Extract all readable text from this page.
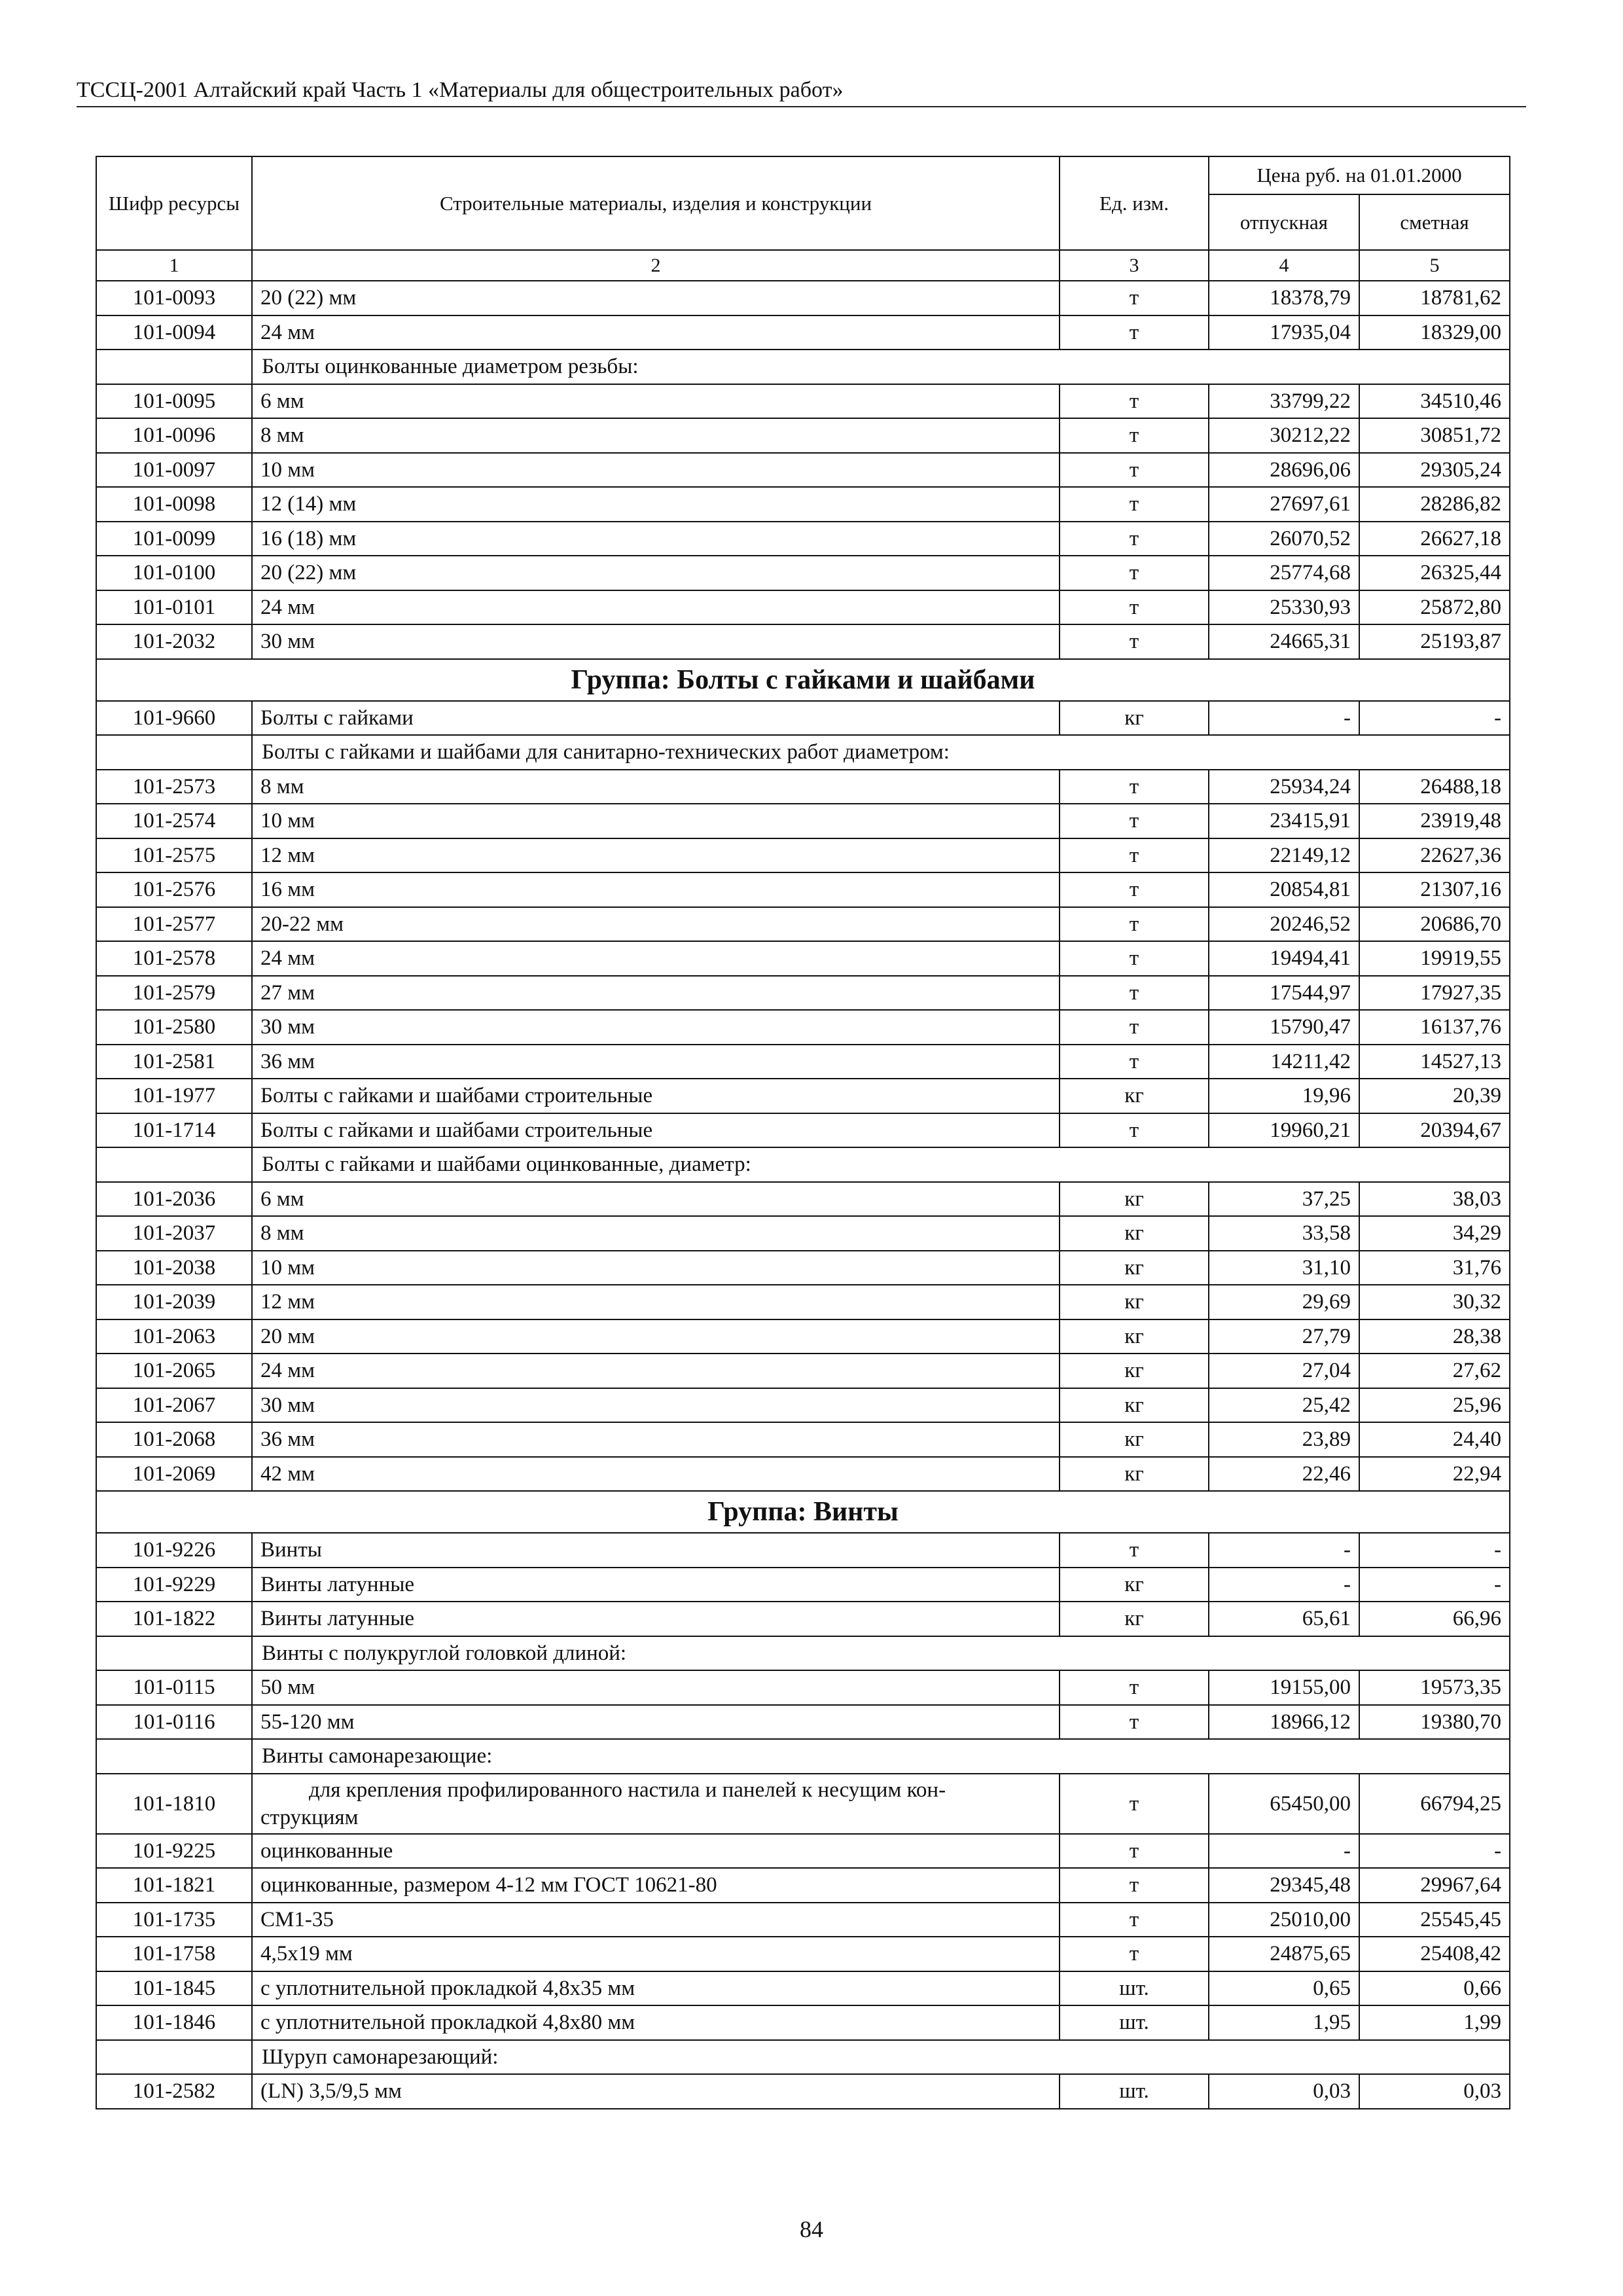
ТССЦ-2001 Алтайский край Часть 1 «Материалы для общестроительных работ»
Шифр ресурсы	Строительные материалы, изделия и конструкции	Ед. изм.	Цена руб. на 01.01.2000	
			отпускная	сметная
1	2	3	4	5
101-0093	20 (22) мм	т	18378,79	18781,62
101-0094	24 мм	т	17935,04	18329,00
	Болты оцинкованные диаметром резьбы:			
101-0095	6 мм	т	33799,22	34510,46
101-0096	8 мм	т	30212,22	30851,72
101-0097	10 мм	т	28696,06	29305,24
101-0098	12 (14) мм	т	27697,61	28286,82
101-0099	16 (18) мм	т	26070,52	26627,18
101-0100	20 (22) мм	т	25774,68	26325,44
101-0101	24 мм	т	25330,93	25872,80
101-2032	30 мм	т	24665,31	25193,87
Группа: Болты с гайками и шайбами				
101-9660	Болты с гайками	кг	-	-
	Болты с гайками и шайбами для санитарно-технических работ диаметром:			
101-2573	8 мм	т	25934,24	26488,18
101-2574	10 мм	т	23415,91	23919,48
101-2575	12 мм	т	22149,12	22627,36
101-2576	16 мм	т	20854,81	21307,16
101-2577	20-22 мм	т	20246,52	20686,70
101-2578	24 мм	т	19494,41	19919,55
101-2579	27 мм	т	17544,97	17927,35
101-2580	30 мм	т	15790,47	16137,76
101-2581	36 мм	т	14211,42	14527,13
101-1977	Болты с гайками и шайбами строительные	кг	19,96	20,39
101-1714	Болты с гайками и шайбами строительные	т	19960,21	20394,67
	Болты с гайками и шайбами оцинкованные, диаметр:			
101-2036	6 мм	кг	37,25	38,03
101-2037	8 мм	кг	33,58	34,29
101-2038	10 мм	кг	31,10	31,76
101-2039	12 мм	кг	29,69	30,32
101-2063	20 мм	кг	27,79	28,38
101-2065	24 мм	кг	27,04	27,62
101-2067	30 мм	кг	25,42	25,96
101-2068	36 мм	кг	23,89	24,40
101-2069	42 мм	кг	22,46	22,94
Группа: Винты				
101-9226	Винты	т	-	-
101-9229	Винты латунные	кг	-	-
101-1822	Винты латунные	кг	65,61	66,96
	Винты с полукруглой головкой длиной:			
101-0115	50 мм	т	19155,00	19573,35
101-0116	55-120 мм	т	18966,12	19380,70
	Винты самонарезающие:			
101-1810	для крепления профилированного настила и панелей к несущим кон-
струкциям	т	65450,00	66794,25
101-9225	оцинкованные	т	-	-
101-1821	оцинкованные, размером 4-12 мм ГОСТ 10621-80	т	29345,48	29967,64
101-1735	СМ1-35	т	25010,00	25545,45
101-1758	4,5x19 мм	т	24875,65	25408,42
101-1845	с уплотнительной прокладкой 4,8x35 мм	шт.	0,65	0,66
101-1846	с уплотнительной прокладкой 4,8x80 мм	шт.	1,95	1,99
	Шуруп самонарезающий:			
101-2582	(LN) 3,5/9,5 мм	шт.	0,03	0,03
84
